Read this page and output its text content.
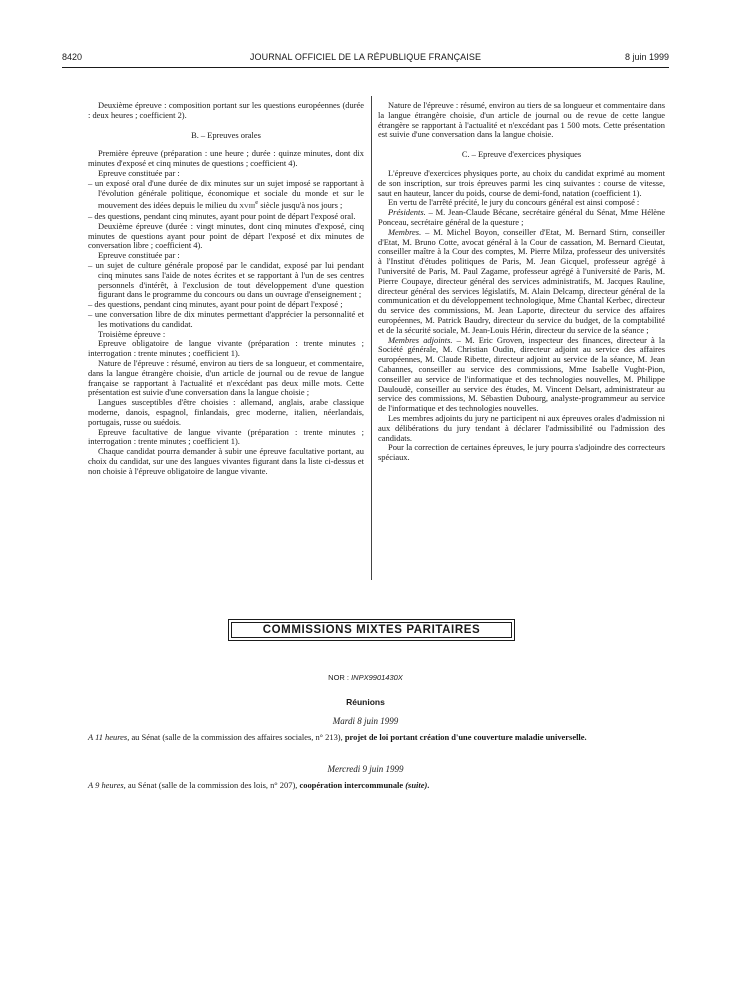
8420	JOURNAL OFFICIEL DE LA RÉPUBLIQUE FRANÇAISE	8 juin 1999

Deuxième épreuve : composition portant sur les questions européennes (durée : deux heures ; coefficient 2).

B. – Epreuves orales

Première épreuve (préparation : une heure ; durée : quinze minutes, dont dix minutes d'exposé et cinq minutes de questions ; coefficient 4).

Epreuve constituée par :

– un exposé oral d'une durée de dix minutes sur un sujet imposé se rapportant à l'évolution générale politique, économique et sociale du monde et sur le mouvement des idées depuis le milieu du XVIIIe siècle jusqu'à nos jours ;

– des questions, pendant cinq minutes, ayant pour point de départ l'exposé oral.

Deuxième épreuve (durée : vingt minutes, dont cinq minutes d'exposé, cinq minutes de questions ayant pour point de départ l'exposé et dix minutes de conversation libre ; coefficient 4).

Epreuve constituée par :

– un sujet de culture générale proposé par le candidat, exposé par lui pendant cinq minutes sans l'aide de notes écrites et se rapportant à l'un de ses centres personnels d'intérêt, à l'exclusion de tout développement d'une question figurant dans le programme du concours ou dans un ouvrage d'enseignement ;

– des questions, pendant cinq minutes, ayant pour point de départ l'exposé ;

– une conversation libre de dix minutes permettant d'apprécier la personnalité et les motivations du candidat.

Troisième épreuve :

Epreuve obligatoire de langue vivante (préparation : trente minutes ; interrogation : trente minutes ; coefficient 1).

Nature de l'épreuve : résumé, environ au tiers de sa longueur, et commentaire, dans la langue étrangère choisie, d'un article de journal ou de revue de langue française se rapportant à l'actualité et n'excédant pas deux mille mots. Cette présentation est suivie d'une conversation dans la langue choisie ;

Langues susceptibles d'être choisies : allemand, anglais, arabe classique moderne, danois, espagnol, finlandais, grec moderne, italien, néerlandais, portugais, russe ou suédois.

Epreuve facultative de langue vivante (préparation : trente minutes ; interrogation : trente minutes ; coefficient 1).

Chaque candidat pourra demander à subir une épreuve facultative portant, au choix du candidat, sur une des langues vivantes figurant dans la liste ci-dessus et non choisie à l'épreuve obligatoire de langue vivante.

Nature de l'épreuve : résumé, environ au tiers de sa longueur et commentaire dans la langue étrangère choisie, d'un article de journal ou de revue de cette langue étrangère se rapportant à l'actualité et n'excédant pas 1 500 mots. Cette présentation est suivie d'une conversation dans la langue choisie.

C. – Epreuve d'exercices physiques

L'épreuve d'exercices physiques porte, au choix du candidat exprimé au moment de son inscription, sur trois épreuves parmi les cinq suivantes : course de vitesse, saut en hauteur, lancer du poids, course de demi-fond, natation (coefficient 1).

En vertu de l'arrêté précité, le jury du concours général est ainsi composé :

Présidents. – M. Jean-Claude Bécane, secrétaire général du Sénat, Mme Hélène Ponceau, secrétaire général de la questure ;

Membres. – M. Michel Boyon, conseiller d'Etat, M. Bernard Stirn, conseiller d'Etat, M. Bruno Cotte, avocat général à la Cour de cassation, M. Bernard Cieutat, conseiller maître à la Cour des comptes, M. Pierre Milza, professeur des universités à l'Institut d'études politiques de Paris, M. Jean Gicquel, professeur agrégé à l'université de Paris, M. Paul Zagame, professeur agrégé à l'université de Paris, M. Pierre Coupaye, directeur général des services administratifs, M. Jacques Rauline, directeur général des services législatifs, M. Alain Delcamp, directeur général de la communication et du développement technologique, Mme Chantal Kerbec, directeur du service des commissions, M. Jean Laporte, directeur du service des affaires européennes, M. Patrick Baudry, directeur du service du budget, de la comptabilité et de la sécurité sociale, M. Jean-Louis Hérin, directeur du service de la séance ;

Membres adjoints. – M. Eric Groven, inspecteur des finances, directeur à la Société générale, M. Christian Oudin, directeur adjoint au service des affaires européennes, M. Claude Ribette, directeur adjoint au service de la séance, M. Jean Cabannes, conseiller au service des commissions, Mme Isabelle Vught-Pion, conseiller au service de l'informatique et des technologies nouvelles, M. Philippe Dauloudè, conseiller au service des études, M. Vincent Delsart, administrateur au service des commissions, M. Sébastien Dubourg, analyste-programmeur au service de l'informatique et des technologies nouvelles.

Les membres adjoints du jury ne participent ni aux épreuves orales d'admission ni aux délibérations du jury tendant à déclarer l'admissibilité ou l'admission des candidats.

Pour la correction de certaines épreuves, le jury pourra s'adjoindre des correcteurs spéciaux.

COMMISSIONS MIXTES PARITAIRES
NOR : INPX9901430X
Réunions
Mardi 8 juin 1999
A 11 heures, au Sénat (salle de la commission des affaires sociales, n° 213), projet de loi portant création d'une couverture maladie universelle.
Mercredi 9 juin 1999
A 9 heures, au Sénat (salle de la commission des lois, n° 207), coopération intercommunale (suite).
